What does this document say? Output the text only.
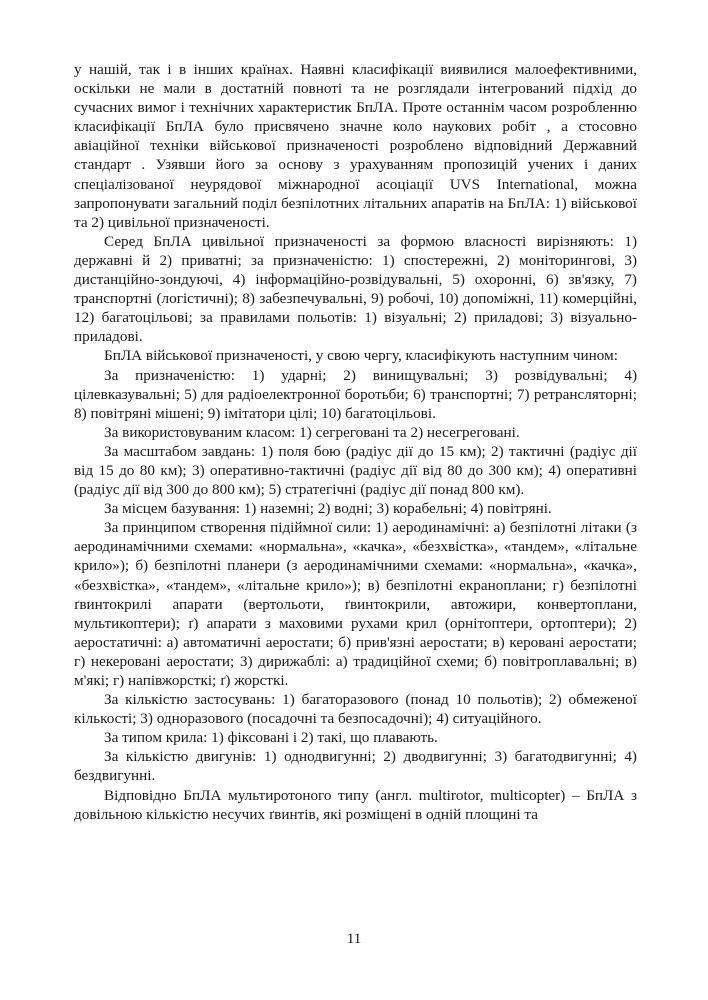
у нашій, так і в інших країнах. Наявні класифікації виявилися малоефективними, оскільки не мали в достатній повноті та не розглядали інтегрований підхід до сучасних вимог і технічних характеристик БпЛА. Проте останнім часом розробленню класифікації БпЛА було присвячено значне коло наукових робіт , а стосовно авіаційної техніки військової призначеності розроблено відповідний Державний стандарт . Узявши його за основу з урахуванням пропозицій учених і даних спеціалізованої неурядової міжнародної асоціації UVS International, можна запропонувати загальний поділ безпілотних літальних апаратів на БпЛА: 1) військової та 2) цивільної призначеності.

Серед БпЛА цивільної призначеності за формою власності вирізняють: 1) державні й 2) приватні; за призначеністю: 1) спостережні, 2) моніторингові, 3) дистанційно-зондуючі, 4) інформаційно-розвідувальні, 5) охоронні, 6) зв'язку, 7) транспортні (логістичні); 8) забезпечувальні, 9) робочі, 10) допоміжні, 11) комерційні, 12) багатоцільові; за правилами польотів: 1) візуальні; 2) приладові; 3) візуально-приладові.

БпЛА військової призначеності, у свою чергу, класифікують наступним чином:

За призначеністю: 1) ударні; 2) винищувальні; 3) розвідувальні; 4) цілевказувальні; 5) для радіоелектронної боротьби; 6) транспортні; 7) ретрансляторні; 8) повітряні мішені; 9) імітатори цілі; 10) багатоцільові.

За використовуваним класом: 1) сегреговані та 2) несегреговані.

За масштабом завдань: 1) поля бою (радіус дії до 15 км); 2) тактичні (радіус дії від 15 до 80 км); 3) оперативно-тактичні (радіус дії від 80 до 300 км); 4) оперативні (радіус дії від 300 до 800 км); 5) стратегічні (радіус дії понад 800 км).

За місцем базування: 1) наземні; 2) водні; 3) корабельні; 4) повітряні.

За принципом створення підіймної сили: 1) аеродинамічні: а) безпілотні літаки (з аеродинамічними схемами: «нормальна», «качка», «безхвістка», «тандем», «літальне крило»); б) безпілотні планери (з аеродинамічними схемами: «нормальна», «качка», «безхвістка», «тандем», «літальне крило»); в) безпілотні екраноплани; г) безпілотні ґвинтокрилі апарати (вертольоти, ґвинтокрили, автожири, конвертоплани, мультикоптери); ґ) апарати з маховими рухами крил (орнітоптери, ортоптери); 2) аеростатичні: а) автоматичні аеростати; б) прив'язні аеростати; в) керовані аеростати; г) некеровані аеростати; 3) дирижаблі: а) традиційної схеми; б) повітроплавальні; в) м'які; г) напівжорсткі; ґ) жорсткі.

За кількістю застосувань: 1) багаторазового (понад 10 польотів); 2) обмеженої кількості; 3) одноразового (посадочні та безпосадочні); 4) ситуаційного.

За типом крила: 1) фіксовані і 2) такі, що плавають.

За кількістю двигунів: 1) однодвигунні; 2) дводвигунні; 3) багатодвигунні; 4) бездвигунні.

Відповідно БпЛА мультиротоного типу (англ. multirotor, multicopter) – БпЛА з довільною кількістю несучих ґвинтів, які розміщені в одній площині та

11
